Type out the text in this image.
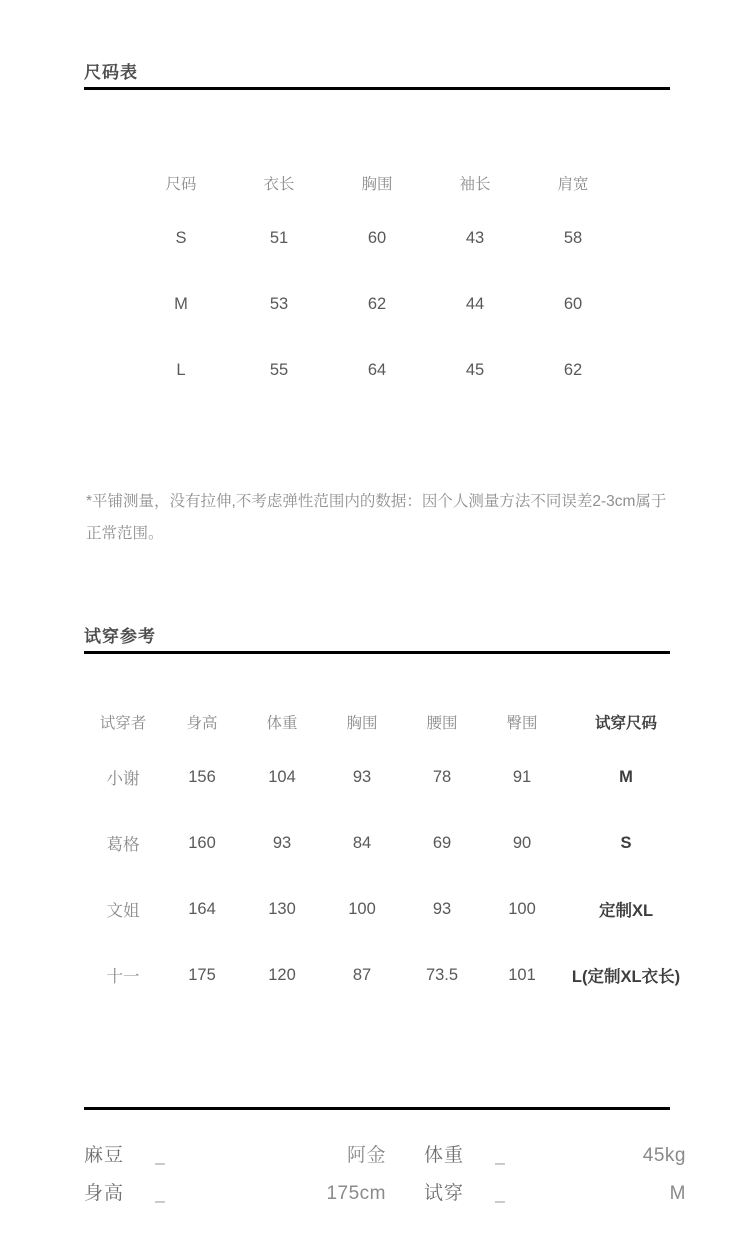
尺码表
尺码	衣长	胸围	袖长	肩宽
S	51	60	43	58
M	53	62	44	60
L	55	64	45	62
*平铺测量，没有拉伸,不考虑弹性范围内的数据：因个人测量方法不同误差2-3cm属于正常范围。
试穿参考
试穿者	身高	体重	胸围	腰围	臀围	试穿尺码
小谢	156	104	93	78	91	M
葛格	160	93	84	69	90	S
文姐	164	130	100	93	100	定制XL
十一	175	120	87	73.5	101	L(定制XL衣长)
麻豆	_	阿金	体重	_	45kg
身高	_	175cm	试穿	_	M
